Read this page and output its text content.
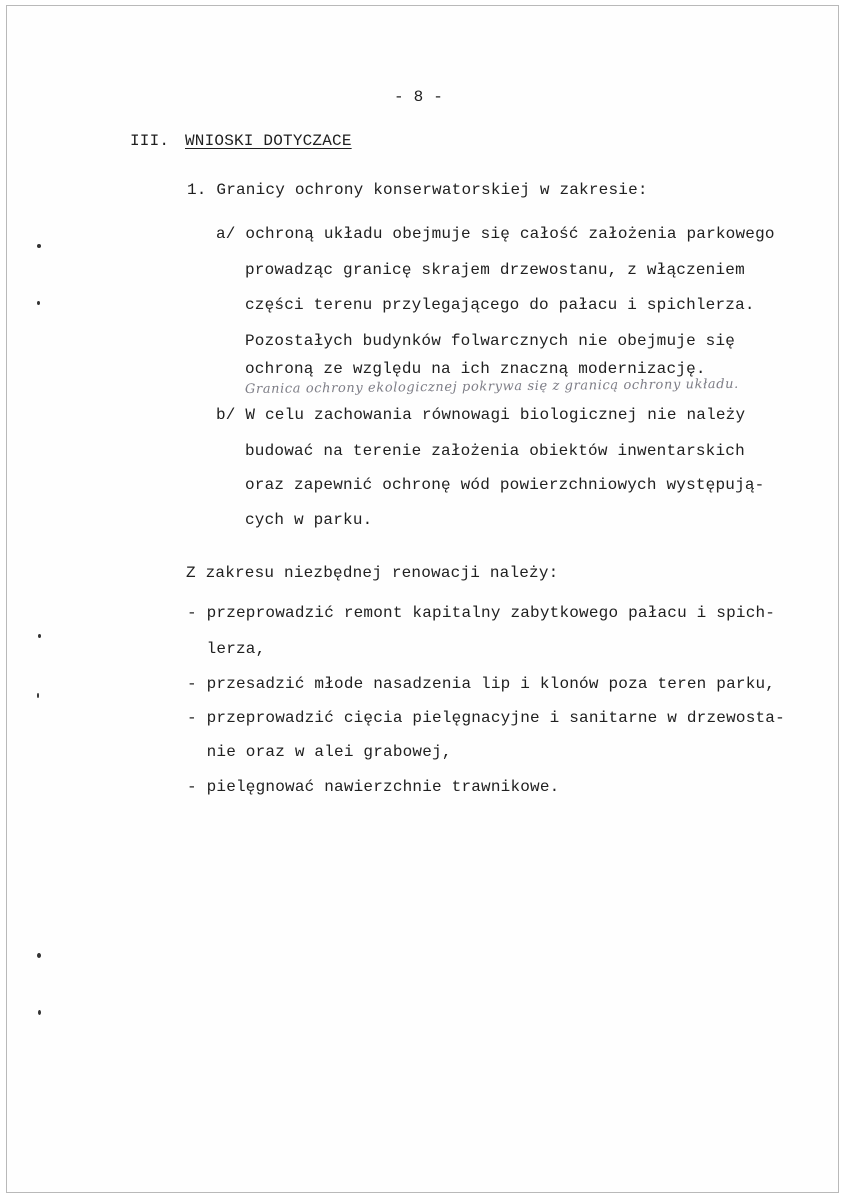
- 8 -
III. WNIOSKI DOTYCZACE
1. Granicy ochrony konserwatorskiej w zakresie:
a/ ochroną układu obejmuje się całość założenia parkowego
prowadząc granicę skrajem drzewostanu, z włączeniem
części terenu przylegającego do pałacu i spichlerza.
Pozostałych budynków folwarcznych nie obejmuje się
ochroną ze względu na ich znaczną modernizację.
Granica ochrony ekologicznej pokrywa się z granicą ochrony układu.
b/ W celu zachowania równowagi biologicznej nie należy
budować na terenie założenia obiektów inwentarskich
oraz zapewnić ochronę wód powierzchniowych występują-
cych w parku.
Z zakresu niezbędnej renowacji należy:
- przeprowadzić remont kapitalny zabytkowego pałacu i spich-
lerza,
- przesadzić młode nasadzenia lip i klonów poza teren parku,
- przeprowadzić cięcia pielęgnacyjne i sanitarne w drzewosta-
nie oraz w alei grabowej,
- pielęgnować nawierzchnie trawnikowe.
